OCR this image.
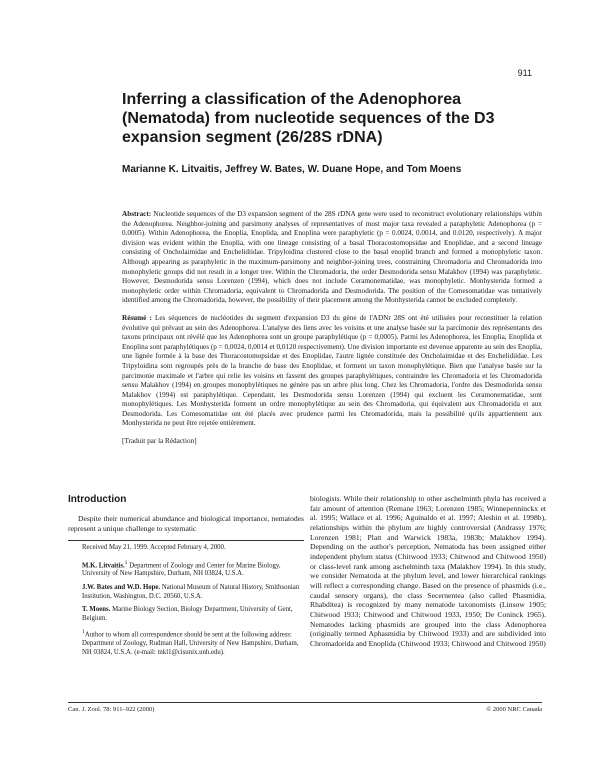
911
Inferring a classification of the Adenophorea (Nematoda) from nucleotide sequences of the D3 expansion segment (26/28S rDNA)

Marianne K. Litvaitis, Jeffrey W. Bates, W. Duane Hope, and Tom Moens

Abstract: Nucleotide sequences of the D3 expansion segment of the 28S rDNA gene were used to reconstruct evolutionary relationships within the Adenophorea. Neighbor-joining and parsimony analyses of representatives of most major taxa revealed a paraphyletic Adenophorea (p = 0.0005). Within Adenophorea, the Enoplia, Enoplida, and Enoplina were paraphyletic (p = 0.0024, 0.0014, and 0.0120, respectively). A major division was evident within the Enoplia, with one lineage consisting of a basal Thoracostomopsidae and Enoplidae, and a second lineage consisting of Oncholaimidae and Enchelidiidae. Tripyloidina clustered close to the basal enoplid branch and formed a monophyletic taxon. Although appearing as paraphyletic in the maximum-parsimony and neighbor-joining trees, constraining Chromadoria and Chromadorida into monophyletic groups did not result in a longer tree. Within the Chromadoria, the order Desmodorida sensu Malakhov (1994) was paraphyletic. However, Desmodorida sensu Lorenzen (1994), which does not include Ceramonematidae, was monophyletic. Monhysterida formed a monophyletic order within Chromadoria, equivalent to Chromadorida and Desmodorida. The position of the Comesomatidae was tentatively identified among the Chromadorida, however, the possibility of their placement among the Monhysterida cannot be excluded completely.

Résumé : Les séquences de nucléotides du segment d'expansion D3 du gène de l'ADNr 28S ont été utilisées pour reconstituer la relation évolutive qui prévaut au sein des Adenophorea. L'analyse des liens avec les voisins et une analyse basée sur la parcimonie des représentants des taxons principaux ont révélé que les Adenophorea sont un groupe paraphylétique (p = 0,0005). Parmi les Adenophorea, les Enoplia, Enoplida et Enoplina sont paraphylétiques (p = 0,0024, 0,0014 et 0,0120 respectivement). Une division importante est devenue apparente au sein des Enoplia, une lignée formée à la base des Thoracostomopsidae et des Enoplidae, l'autre lignée constituée des Oncholaimidae et des Enchelidiidae. Les Tripyloidina sont regroupés près de la branche de base des Enoplidae, et forment un taxon monophylétique. Bien que l'analyse basée sur la parcimonie maximale et l'arbre qui relie les voisins en fassent des groupes paraphylétiques, contraindre les Chromadoria et les Chromadorida sensu Malakhov (1994) en groupes monophylétiques ne génère pas un arbre plus long. Chez les Chromadoria, l'ordre des Desmodorida sensu Malakhov (1994) est paraphylétique. Cependant, les Desmodorida sensu Lorenzen (1994) qui excluent les Ceramonematidae, sont monophylétiques. Les Monhysterida forment un ordre monophylétique au sein des Chromadoria, qui équivalent aux Chromadorida et aux Desmodorida. Les Comesomatidae ont été placés avec prudence parmi les Chromadorida, mais la possibilité qu'ils appartiennent aux Monhysterida ne peut être rejetée entièrement.

[Traduit par la Rédaction]

Introduction

Despite their numerical abundance and biological importance, nematodes represent a unique challenge to systematic

Received May 21, 1999. Accepted February 4, 2000.

M.K. Litvaitis.$^1$ Department of Zoology and Center for Marine Biology, University of New Hampshire, Durham, NH 03824, U.S.A.

J.W. Bates and W.D. Hope. National Museum of Natural History, Smithsonian Institution, Washington, D.C. 20560, U.S.A.

T. Moens. Marine Biology Section, Biology Department, University of Gent, Belgium.

$^1$Author to whom all correspondence should be sent at the following address: Department of Zoology, Rudman Hall, University of New Hampshire, Durham, NH 03824, U.S.A. (e-mail: mkl1@cisunix.unh.edu).

biologists. While their relationship to other aschelminth phyla has received a fair amount of attention (Remane 1963; Lorenzen 1985; Winnepenninckx et al. 1995; Wallace et al. 1996; Aguinaldo et al. 1997; Aleshin et al. 1998b), relationships within the phylum are highly controversial (Andrassy 1976; Lorenzen 1981; Platt and Warwick 1983a, 1983b; Malakhov 1994). Depending on the author's perception, Nematoda has been assigned either independent phylum status (Chitwood 1933; Chitwood and Chitwood 1950) or class-level rank among aschelminth taxa (Malakhov 1994). In this study, we consider Nematoda at the phylum level, and lower hierarchical rankings will reflect a corresponding change. Based on the presence of phasmids (i.e., caudal sensory organs), the class Secernentea (also called Phasmidia, Rhabditea) is recognized by many nematode taxonomists (Linsow 1905; Chitwood 1933; Chitwood and Chitwood 1933, 1950; De Coninck 1965). Nematodes lacking phasmids are grouped into the class Adenophorea (originally termed Aphasmidia by Chitwood 1933) and are subdivided into Chromadorida and Enoplida (Chitwood 1933; Chitwood and Chitwood 1950)

Can. J. Zool. 78: 911–922 (2000)	© 2000 NRC Canada
